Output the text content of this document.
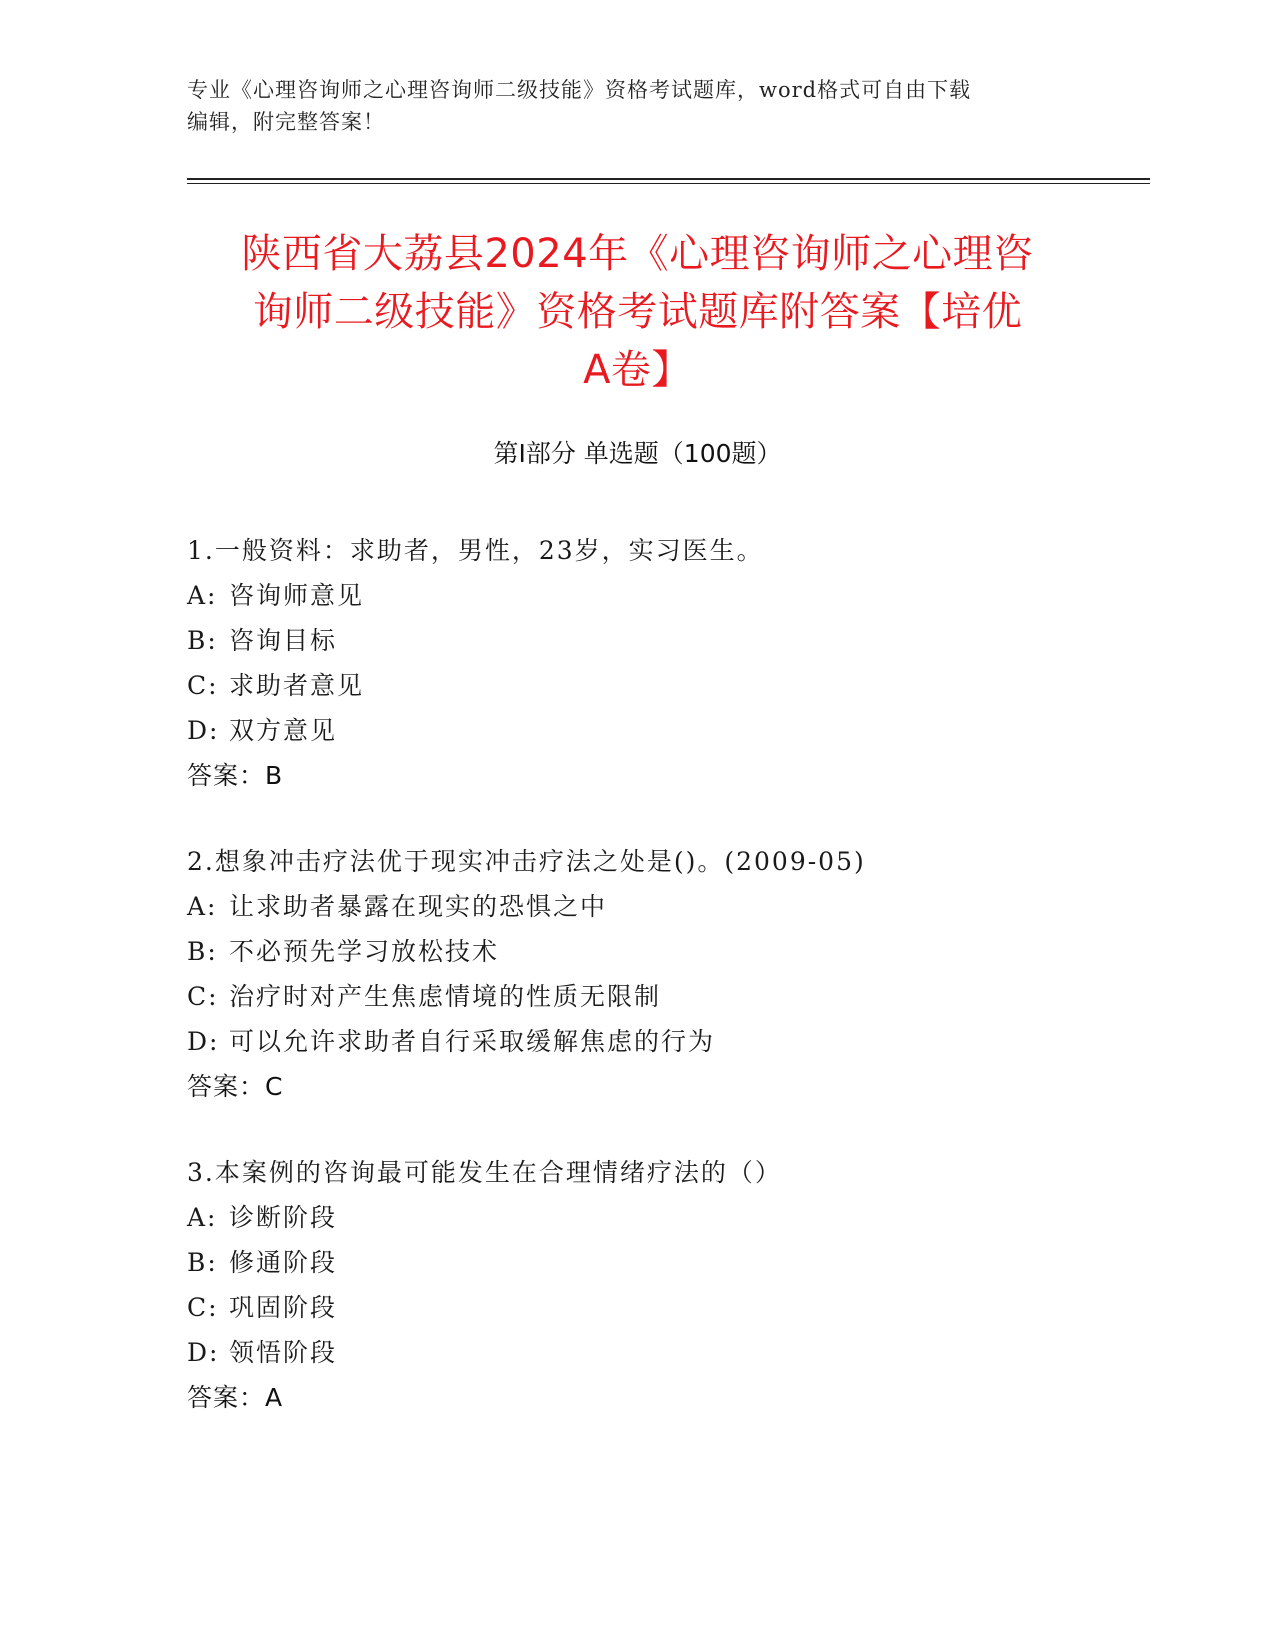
专业《心理咨询师之心理咨询师二级技能》资格考试题库，word格式可自由下载
编辑，附完整答案！
陕西省大荔县2024年《心理咨询师之心理咨
询师二级技能》资格考试题库附答案【培优
A卷】
第Ⅰ部分 单选题（100题）
1.一般资料：求助者，男性，23岁，实习医生。
A: 咨询师意见
B: 咨询目标
C: 求助者意见
D: 双方意见
答案：B
2.想象冲击疗法优于现实冲击疗法之处是()。(2009-05)
A: 让求助者暴露在现实的恐惧之中
B: 不必预先学习放松技术
C: 治疗时对产生焦虑情境的性质无限制
D: 可以允许求助者自行采取缓解焦虑的行为
答案：C
3.本案例的咨询最可能发生在合理情绪疗法的（）
A: 诊断阶段
B: 修通阶段
C: 巩固阶段
D: 领悟阶段
答案：A
